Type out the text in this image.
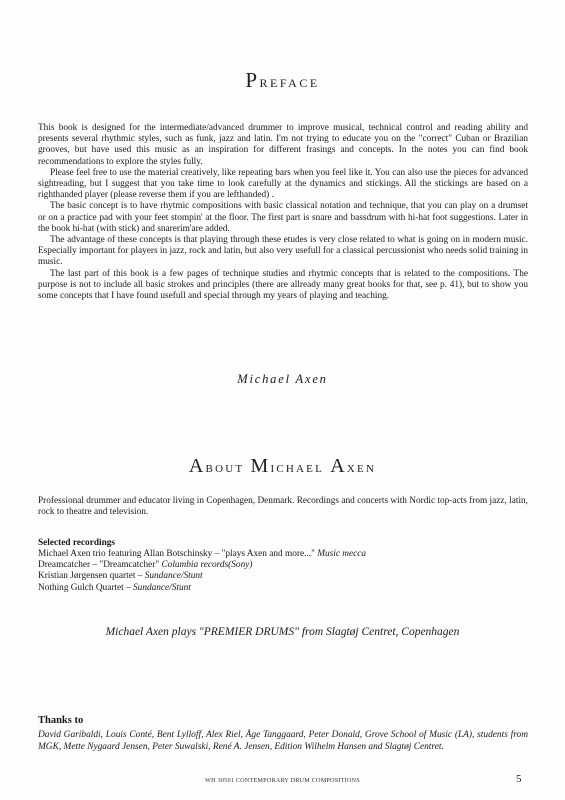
Preface

This book is designed for the intermediate/advanced drummer to improve musical, technical control and reading ability and presents several rhythmic styles, such as funk, jazz and latin. I'm not trying to educate you on the "correct" Cuban or Brazilian grooves, but have used this music as an inspiration for different frasings and concepts. In the notes you can find book recommendations to explore the styles fully.

Please feel free to use the material creatively, like repeating bars when you feel like it. You can also use the pieces for advanced sightreading, but I suggest that you take time to look carefully at the dynamics and stickings. All the stickings are based on a righthanded player (please reverse them if you are lefthanded) .

The basic concept is to have rhytmic compositions with basic classical notation and technique, that you can play on a drumset or on a practice pad with your feet stompin' at the floor. The first part is snare and bassdrum with hi-hat foot suggestions. Later in the book hi-hat (with stick) and snarerim'are added.

The advantage of these concepts is that playing through these etudes is very close related to what is going on in modern music. Especially important for players in jazz, rock and latin, but also very usefull for a classical percussionist who needs solid training in music.

The last part of this book is a few pages of technique studies and rhytmic concepts that is related to the compositions. The purpose is not to include all basic strokes and principles (there are allready many great books for that, see p. 41), but to show you some concepts that I have found usefull and special through my years of playing and teaching.

Michael Axen
About Michael Axen

Professional drummer and educator living in Copenhagen, Denmark. Recordings and concerts with Nordic top-acts from jazz, latin, rock to theatre and television.

Selected recordings
Michael Axen trio featuring Allan Botschinsky – "plays Axen and more..." Music mecca
Dreamcatcher – "Dreamcatcher" Columbia records(Sony)
Kristian Jørgensen quartet – Sundance/Stunt
Nothing Gulch Quartet – Sundance/Stunt
Michael Axen plays "PREMIER DRUMS" from Slagtøj Centret, Copenhagen
Thanks to

David Garibaldi, Louis Conté, Bent Lylloff, Alex Riel, Åge Tanggaard, Peter Donald, Grove School of Music (LA), students from MGK, Mette Nygaard Jensen, Peter Suwalski, René A. Jensen, Edition Wilhelm Hansen and Slagtøj Centret.

WH 30501 CONTEMPORARY DRUM COMPOSITIONS	5
